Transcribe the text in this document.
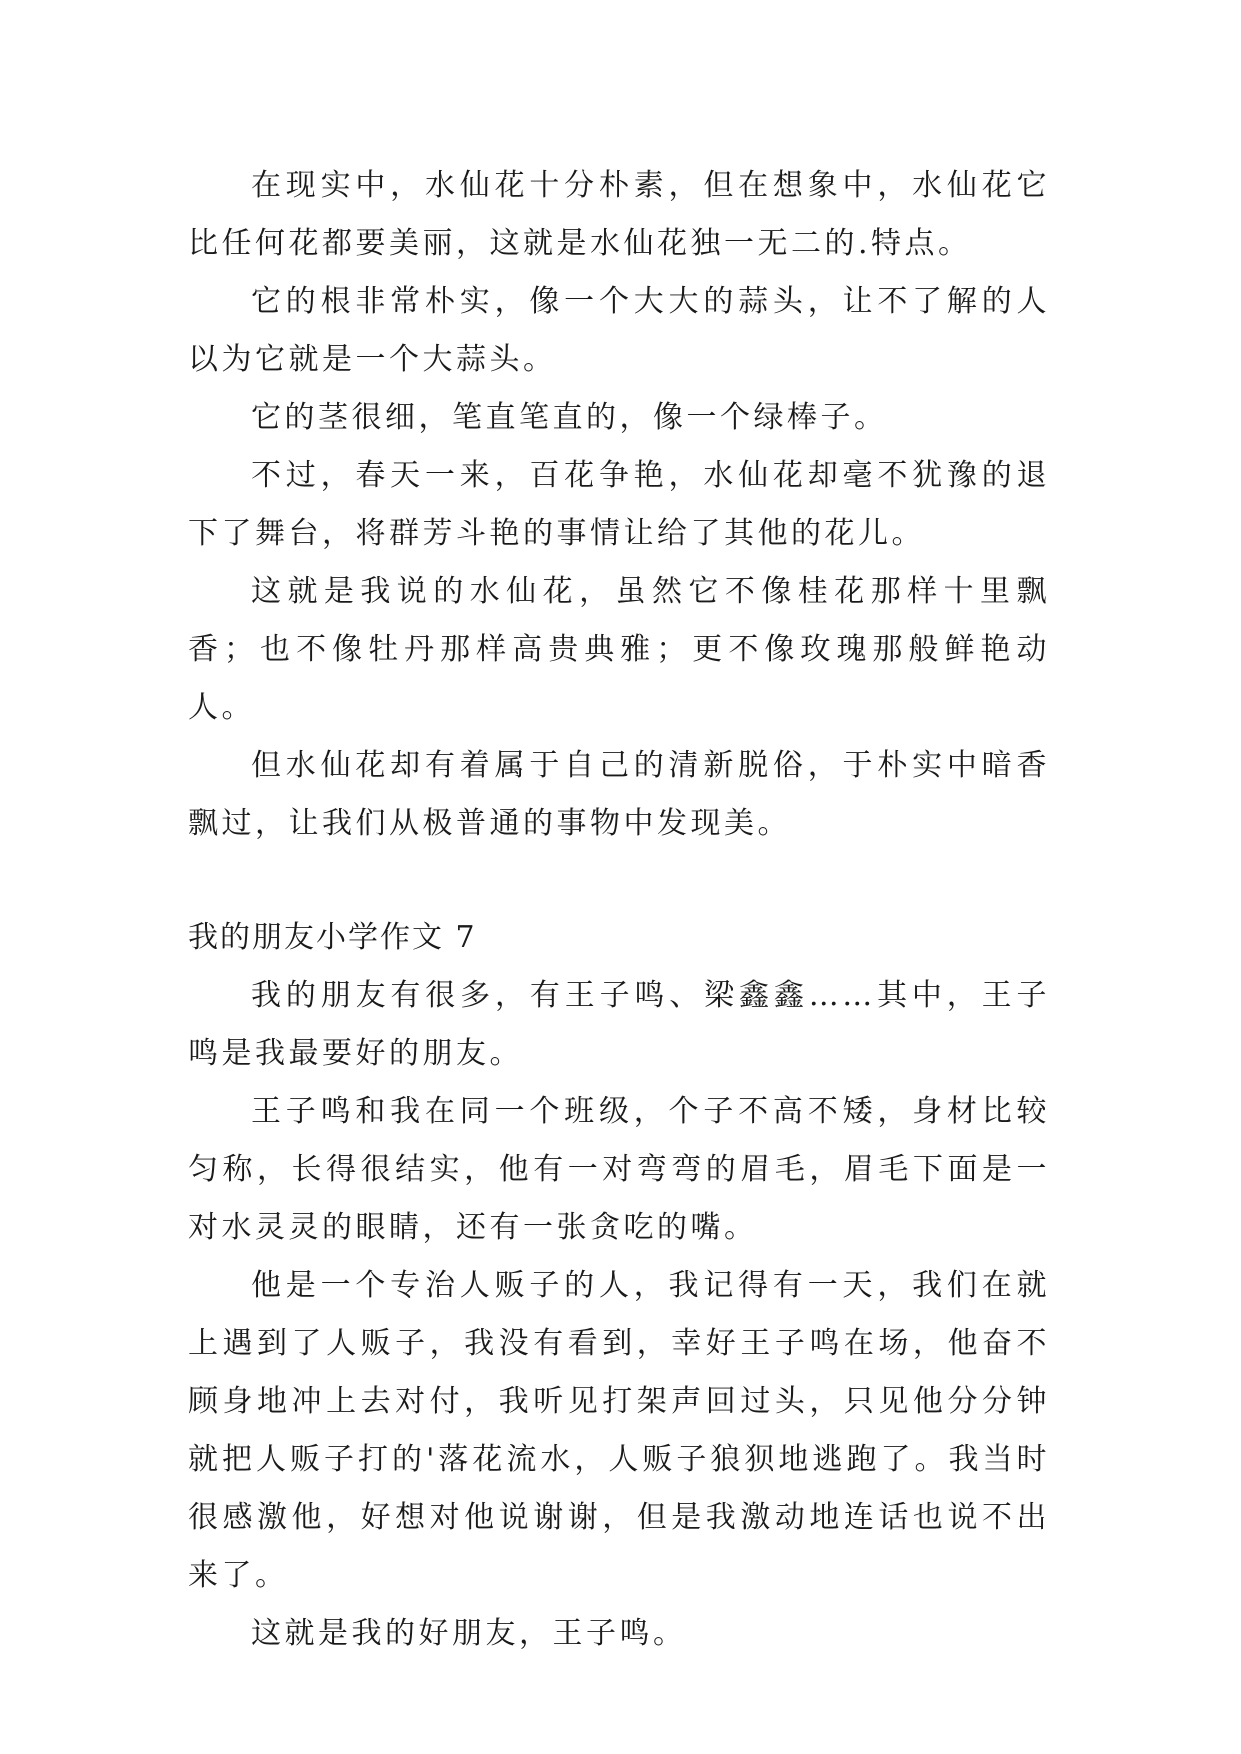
在现实中，水仙花十分朴素，但在想象中，水仙花它比任何花都要美丽，这就是水仙花独一无二的.特点。

它的根非常朴实，像一个大大的蒜头，让不了解的人以为它就是一个大蒜头。

它的茎很细，笔直笔直的，像一个绿棒子。

不过，春天一来，百花争艳，水仙花却毫不犹豫的退下了舞台，将群芳斗艳的事情让给了其他的花儿。

这就是我说的水仙花，虽然它不像桂花那样十里飘香；也不像牡丹那样高贵典雅；更不像玫瑰那般鲜艳动人。

但水仙花却有着属于自己的清新脱俗，于朴实中暗香飘过，让我们从极普通的事物中发现美。

我的朋友小学作文 7

我的朋友有很多，有王子鸣、梁鑫鑫……其中，王子鸣是我最要好的朋友。

王子鸣和我在同一个班级，个子不高不矮，身材比较匀称，长得很结实，他有一对弯弯的眉毛，眉毛下面是一对水灵灵的眼睛，还有一张贪吃的嘴。

他是一个专治人贩子的人，我记得有一天，我们在就上遇到了人贩子，我没有看到，幸好王子鸣在场，他奋不顾身地冲上去对付，我听见打架声回过头，只见他分分钟就把人贩子打的'落花流水，人贩子狼狈地逃跑了。我当时很感激他，好想对他说谢谢，但是我激动地连话也说不出来了。

这就是我的好朋友，王子鸣。
